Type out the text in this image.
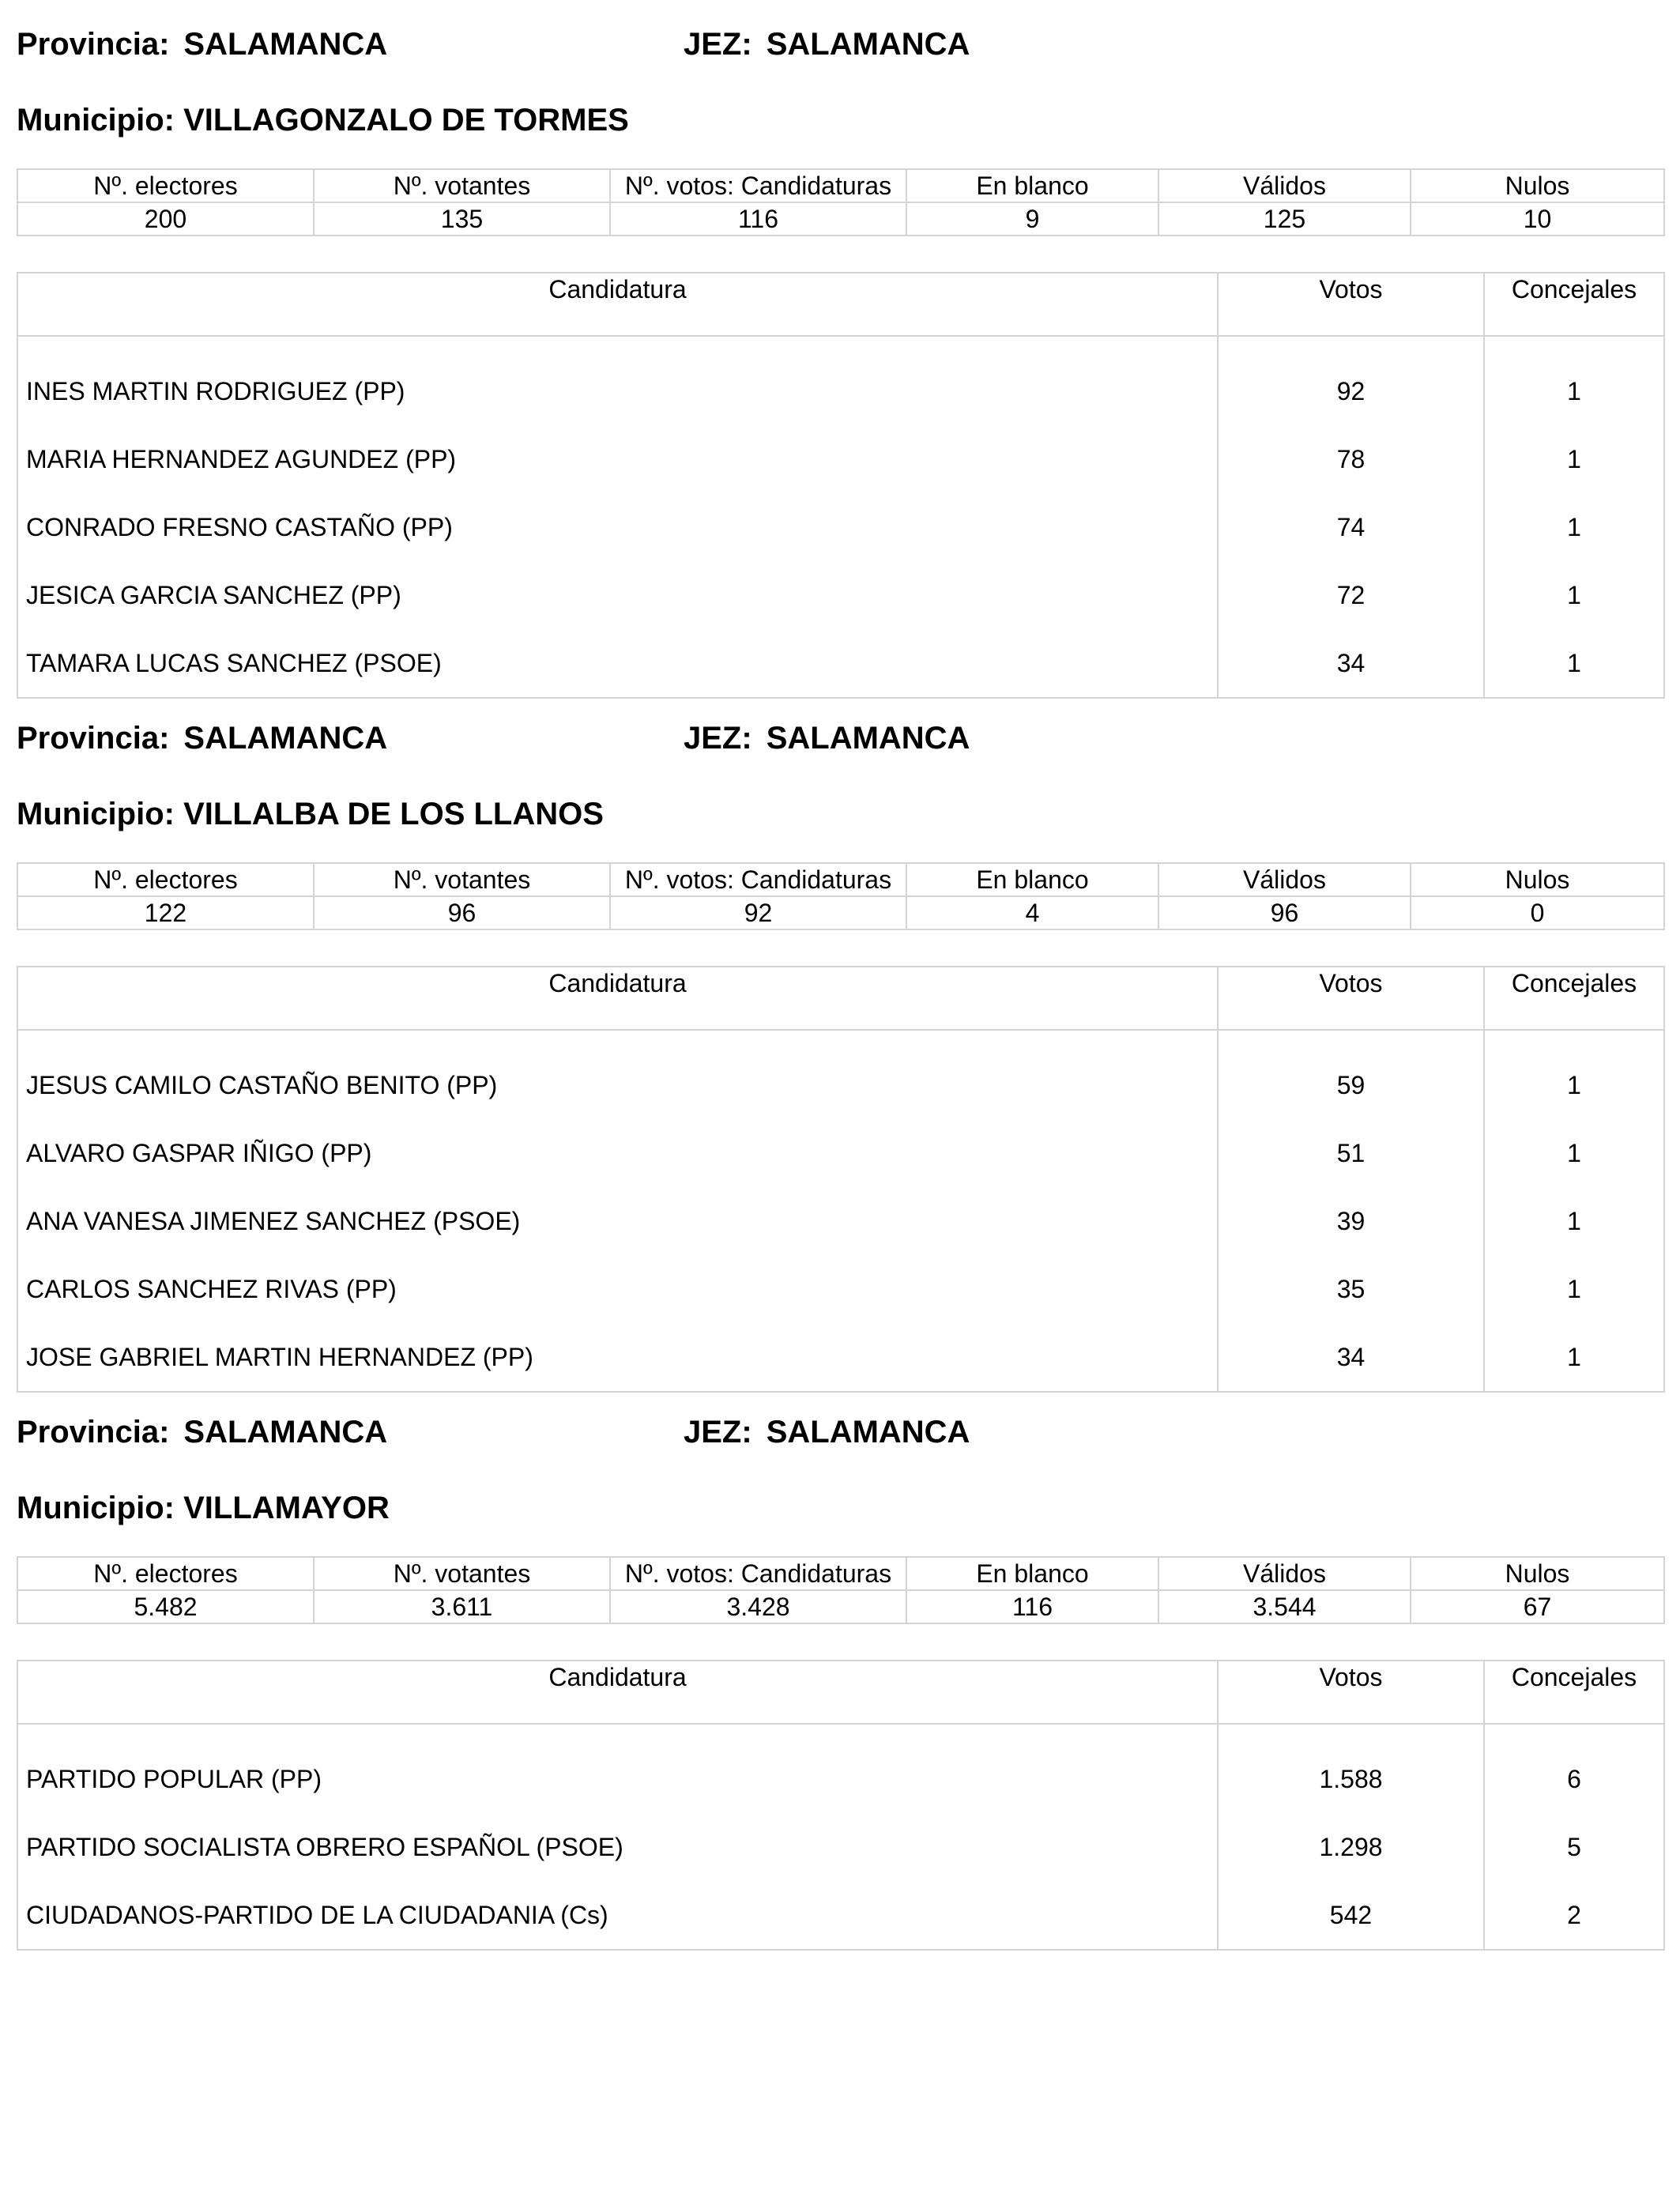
Provincia: SALAMANCA	JEZ: SALAMANCA
Municipio: VILLAGONZALO DE TORMES
Nº. electores	Nº. votantes	Nº. votos: Candidaturas	En blanco	Válidos	Nulos
200	135	116	9	125	10
Candidatura	Votos	Concejales
INES MARTIN RODRIGUEZ (PP)	92	1
MARIA HERNANDEZ AGUNDEZ (PP)	78	1
CONRADO FRESNO CASTAÑO (PP)	74	1
JESICA GARCIA SANCHEZ (PP)	72	1
TAMARA LUCAS SANCHEZ (PSOE)	34	1
Provincia: SALAMANCA	JEZ: SALAMANCA
Municipio: VILLALBA DE LOS LLANOS
Nº. electores	Nº. votantes	Nº. votos: Candidaturas	En blanco	Válidos	Nulos
122	96	92	4	96	0
Candidatura	Votos	Concejales
JESUS CAMILO CASTAÑO BENITO (PP)	59	1
ALVARO GASPAR IÑIGO (PP)	51	1
ANA VANESA JIMENEZ SANCHEZ (PSOE)	39	1
CARLOS SANCHEZ RIVAS (PP)	35	1
JOSE GABRIEL MARTIN HERNANDEZ (PP)	34	1
Provincia: SALAMANCA	JEZ: SALAMANCA
Municipio: VILLAMAYOR
Nº. electores	Nº. votantes	Nº. votos: Candidaturas	En blanco	Válidos	Nulos
5.482	3.611	3.428	116	3.544	67
Candidatura	Votos	Concejales
PARTIDO POPULAR (PP)	1.588	6
PARTIDO SOCIALISTA OBRERO ESPAÑOL (PSOE)	1.298	5
CIUDADANOS-PARTIDO DE LA CIUDADANIA (Cs)	542	2
